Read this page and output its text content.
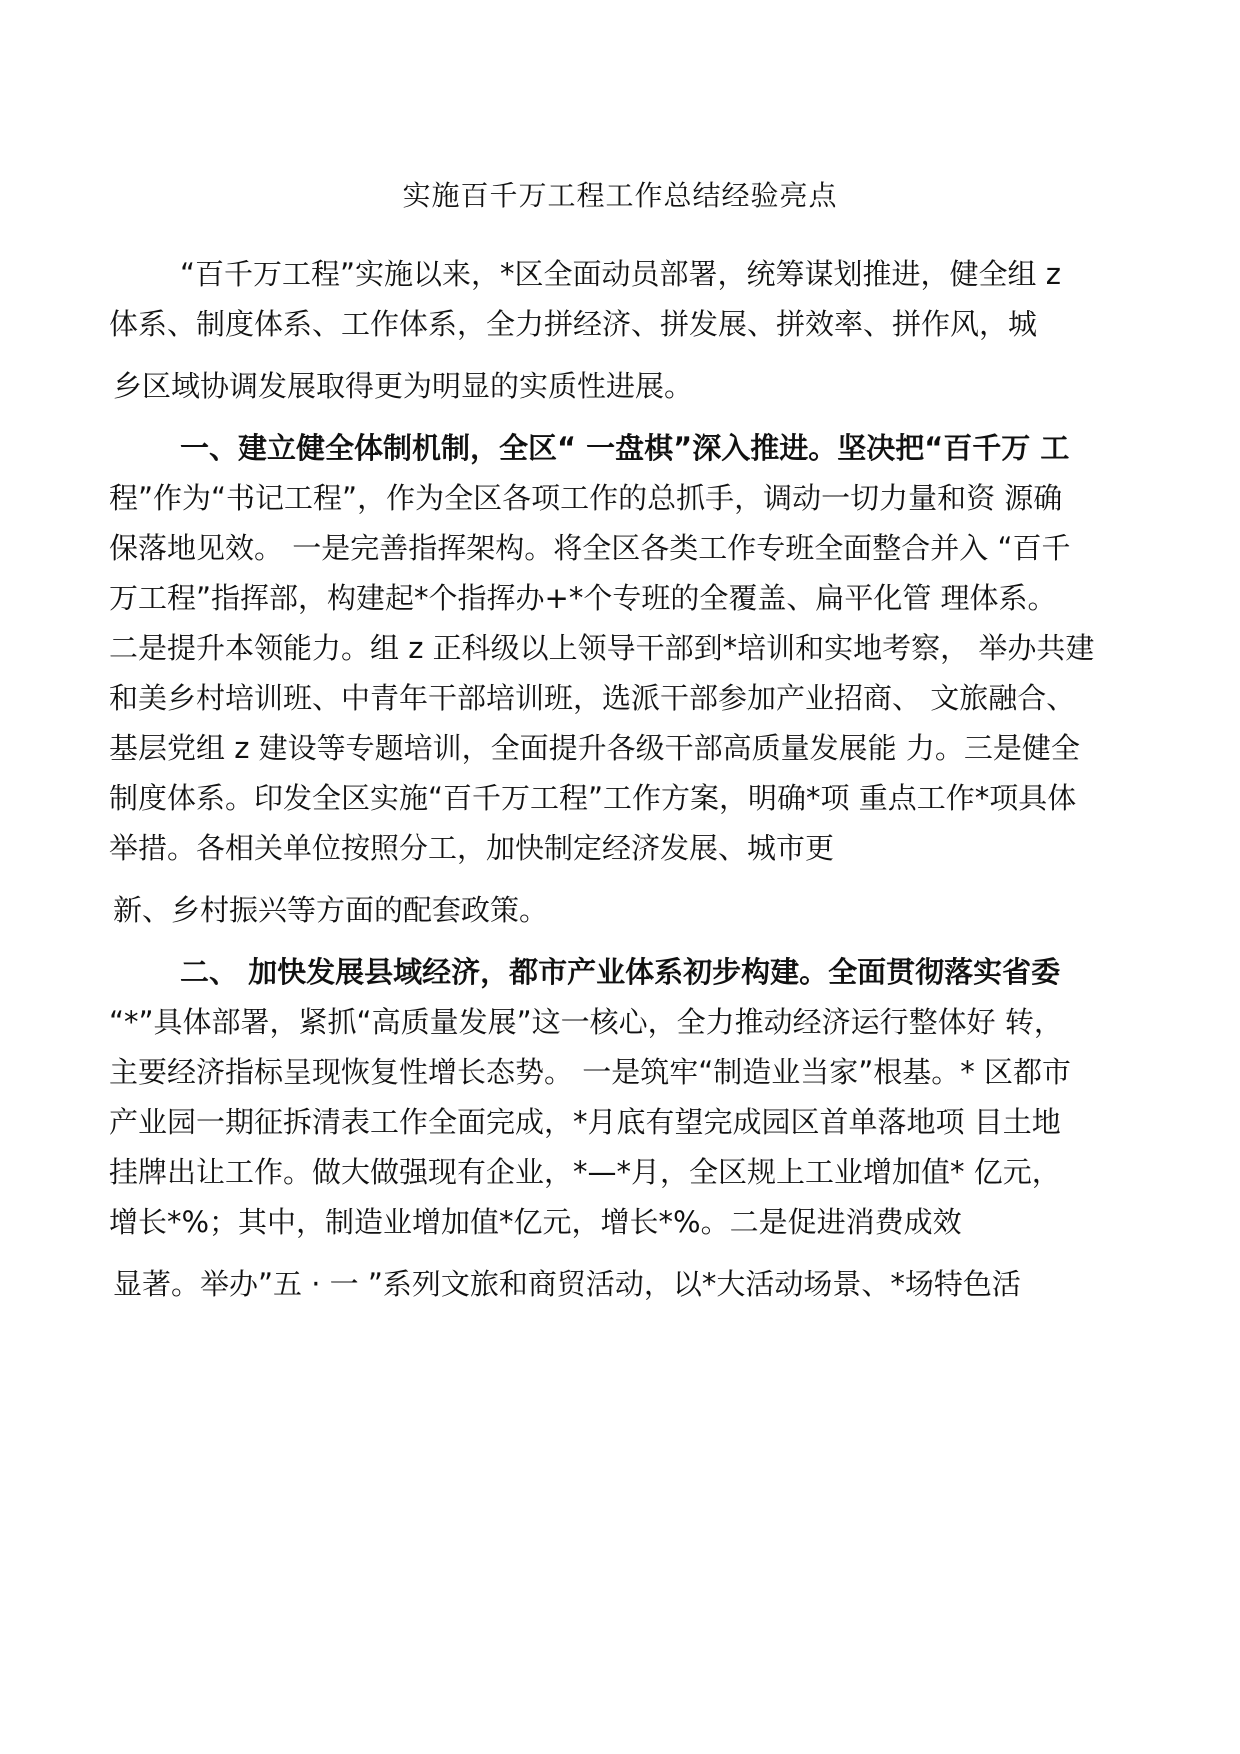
实施百千万工程工作总结经验亮点
“百千万工程”实施以来，*区全面动员部署，统筹谋划推进，健全组 z
体系、制度体系、工作体系，全力拼经济、拼发展、拼效率、拼作风，城
乡区域协调发展取得更为明显的实质性进展。
一、建立健全体制机制，全区“ 一盘棋”深入推进。坚决把“百千万 工
程”作为“书记工程”，作为全区各项工作的总抓手，调动一切力量和资 源确
保落地见效。 一是完善指挥架构。将全区各类工作专班全面整合并入 “百千
万工程”指挥部，构建起*个指挥办+*个专班的全覆盖、扁平化管 理体系。
二是提升本领能力。组 z 正科级以上领导干部到*培训和实地考察， 举办共建
和美乡村培训班、中青年干部培训班，选派干部参加产业招商、 文旅融合、
基层党组 z 建设等专题培训，全面提升各级干部高质量发展能 力。三是健全
制度体系。印发全区实施“百千万工程”工作方案，明确*项 重点工作*项具体
举措。各相关单位按照分工，加快制定经济发展、城市更
新、乡村振兴等方面的配套政策。
二、 加快发展县域经济，都市产业体系初步构建。全面贯彻落实省委
“*”具体部署，紧抓“高质量发展”这一核心，全力推动经济运行整体好 转，
主要经济指标呈现恢复性增长态势。 一是筑牢“制造业当家”根基。* 区都市
产业园一期征拆清表工作全面完成，*月底有望完成园区首单落地项 目土地
挂牌出让工作。做大做强现有企业，*—*月，全区规上工业增加值* 亿元，
增长*%；其中，制造业增加值*亿元，增长*%。二是促进消费成效
显著。举办”五 · 一 ”系列文旅和商贸活动，以*大活动场景、*场特色活
